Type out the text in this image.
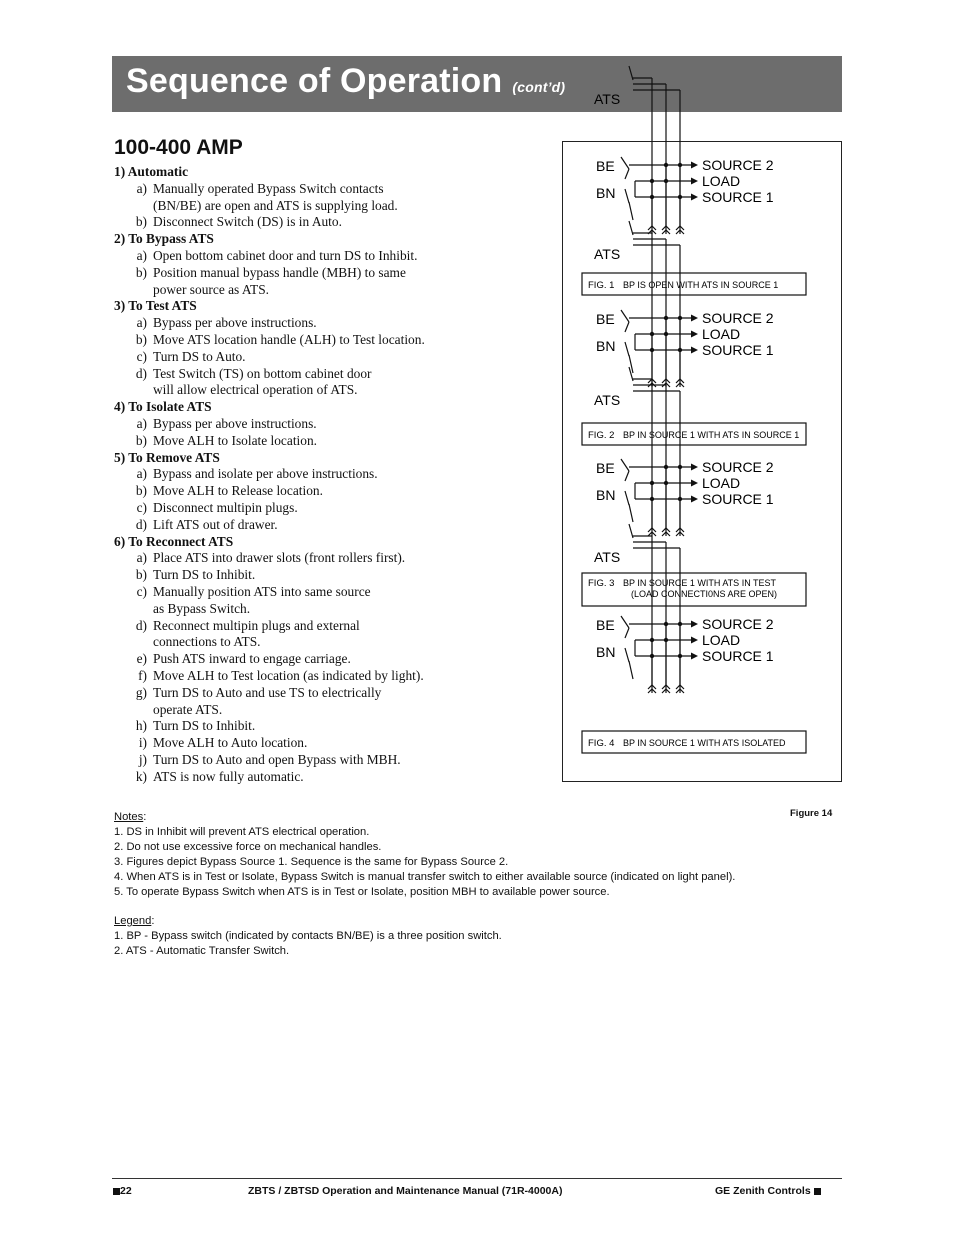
Sequence of Operation (cont’d)
100-400 AMP
1) Automatic
a) Manually operated Bypass Switch contacts
(BN/BE) are open and ATS is supplying load.
b) Disconnect Switch (DS) is in Auto.
2) To Bypass ATS
a) Open bottom cabinet door and turn DS to Inhibit.
b) Position manual bypass handle (MBH) to same
power source as ATS.
3) To Test ATS
a) Bypass per above instructions.
b) Move ATS location handle (ALH) to Test location.
c) Turn DS to Auto.
d) Test Switch (TS) on bottom cabinet door
will allow electrical operation of ATS.
4) To Isolate ATS
a) Bypass per above instructions.
b) Move ALH to Isolate location.
5) To Remove ATS
a) Bypass and isolate per above instructions.
b) Move ALH to Release location.
c) Disconnect multipin plugs.
d) Lift ATS out of drawer.
6) To Reconnect ATS
a) Place ATS into drawer slots (front rollers first).
b) Turn DS to Inhibit.
c) Manually position ATS into same source
as Bypass Switch.
d) Reconnect multipin plugs and external
connections to ATS.
e) Push ATS inward to engage carriage.
f) Move ALH to Test location (as indicated by light).
g) Turn DS to Auto and use TS to electrically
operate ATS.
h) Turn DS to Inhibit.
i) Move ALH to Auto location.
j) Turn DS to Auto and open Bypass with MBH.
k) ATS is now fully automatic.
BE
BN
ATS
SOURCE 2
LOAD
SOURCE 1
FIG. 1 BP IS OPEN WITH ATS IN SOURCE 1
BE
BN
ATS
SOURCE 2
LOAD
SOURCE 1
FIG. 2 BP IN SOURCE 1 WITH ATS IN SOURCE 1
BE
BN
ATS
SOURCE 2
LOAD
SOURCE 1
FIG. 3 BP IN SOURCE 1 WITH ATS IN TEST
(LOAD CONNECTI0NS ARE OPEN)
BE
BN
ATS
SOURCE 2
LOAD
SOURCE 1
FIG. 4 BP IN SOURCE 1 WITH ATS ISOLATED
Figure 14
Notes:
1. DS in Inhibit will prevent ATS electrical operation.
2. Do not use excessive force on mechanical handles.
3. Figures depict Bypass Source 1. Sequence is the same for Bypass Source 2.
4. When ATS is in Test or Isolate, Bypass Switch is manual transfer switch to either available source (indicated on light panel).
5. To operate Bypass Switch when ATS is in Test or Isolate, position MBH to available power source.
Legend:
1. BP - Bypass switch (indicated by contacts BN/BE) is a three position switch.
2. ATS - Automatic Transfer Switch.
22	ZBTS / ZBTSD Operation and Maintenance Manual (71R-4000A)	GE Zenith Controls
